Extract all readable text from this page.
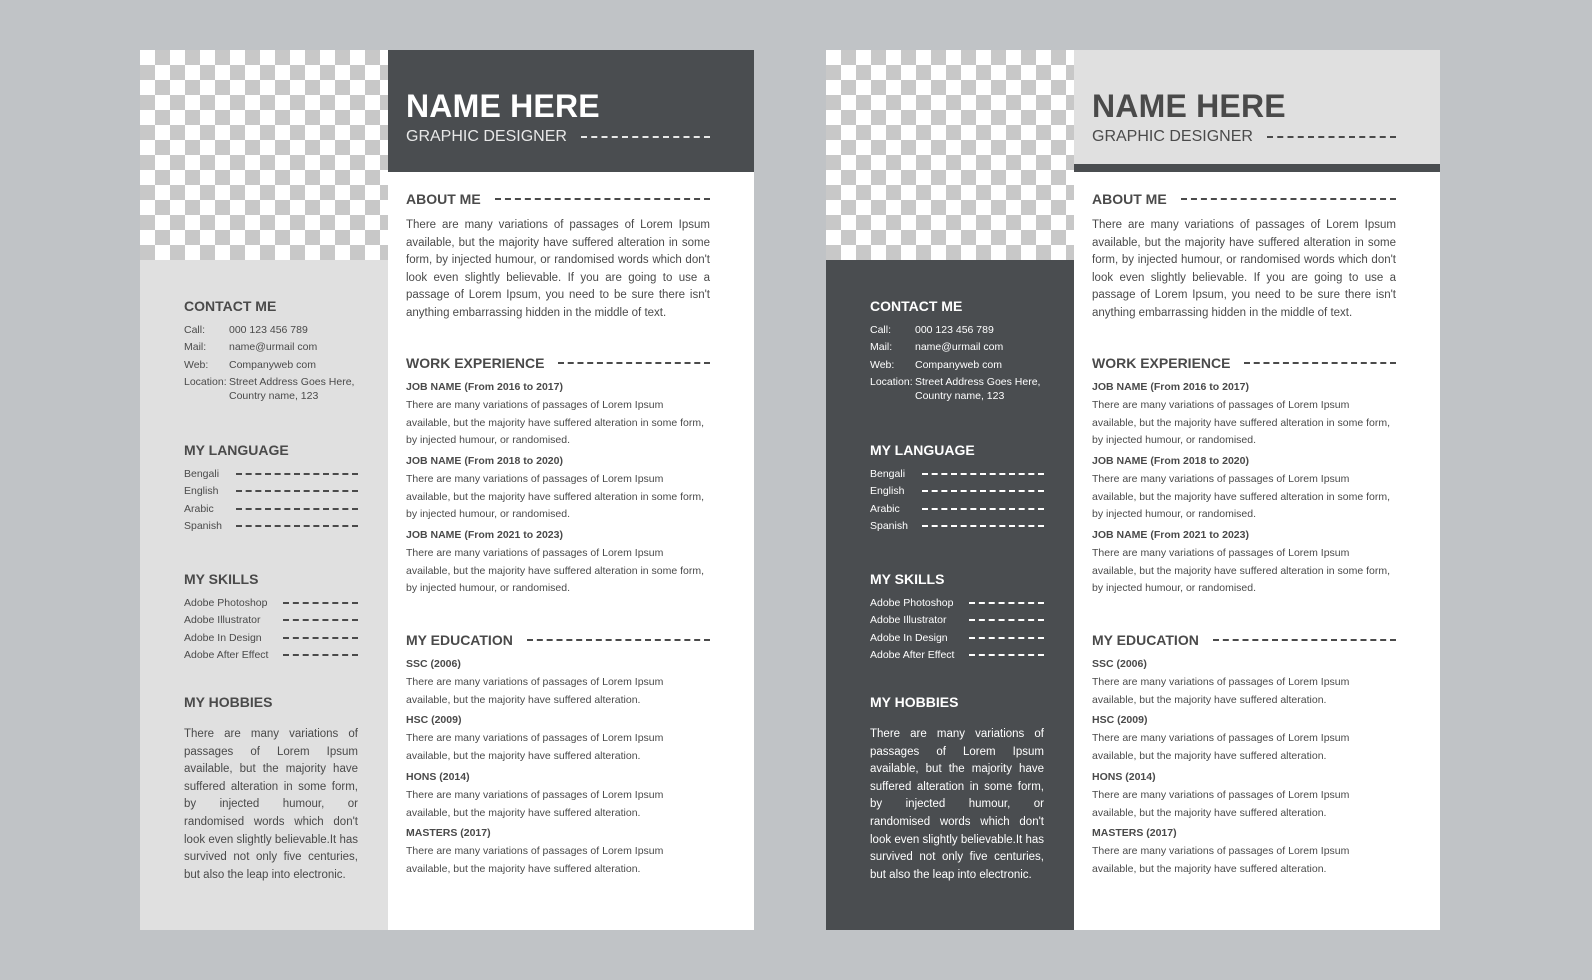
NAME HERE
GRAPHIC DESIGNER
CONTACT ME
Call:	000 123 456 789
Mail:	name@urmail com
Web:	Companyweb com
Location: Street Address Goes Here, Country name, 123
MY LANGUAGE
Bengali
English
Arabic
Spanish
MY SKILLS
Adobe Photoshop
Adobe Illustrator
Adobe In Design
Adobe After Effect
MY HOBBIES
There are many variations of passages of Lorem Ipsum available, but the majority have suffered alteration in some form, by injected humour, or randomised words which don't look even slightly believable.It has survived not only five centuries, but also the leap into electronic.
ABOUT ME
There are many variations of passages of Lorem Ipsum available, but the majority have suffered alteration in some form, by injected humour, or randomised words which don't look even slightly believable. If you are going to use a passage of Lorem Ipsum, you need to be sure there isn't anything embarrassing hidden in the middle of text.
WORK EXPERIENCE
JOB NAME (From 2016 to 2017)
There are many variations of passages of Lorem Ipsum available, but the majority have suffered alteration in some form, by injected humour, or randomised.
JOB NAME (From 2018 to 2020)
There are many variations of passages of Lorem Ipsum available, but the majority have suffered alteration in some form, by injected humour, or randomised.
JOB NAME (From 2021 to 2023)
There are many variations of passages of Lorem Ipsum available, but the majority have suffered alteration in some form, by injected humour, or randomised.
MY EDUCATION
SSC (2006)
There are many variations of passages of Lorem Ipsum available, but the majority have suffered alteration.
HSC (2009)
There are many variations of passages of Lorem Ipsum available, but the majority have suffered alteration.
HONS (2014)
There are many variations of passages of Lorem Ipsum available, but the majority have suffered alteration.
MASTERS (2017)
There are many variations of passages of Lorem Ipsum available, but the majority have suffered alteration.
NAME HERE
GRAPHIC DESIGNER
CONTACT ME
Call:	000 123 456 789
Mail:	name@urmail com
Web:	Companyweb com
Location: Street Address Goes Here, Country name, 123
MY LANGUAGE
Bengali
English
Arabic
Spanish
MY SKILLS
Adobe Photoshop
Adobe Illustrator
Adobe In Design
Adobe After Effect
MY HOBBIES
There are many variations of passages of Lorem Ipsum available, but the majority have suffered alteration in some form, by injected humour, or randomised words which don't look even slightly believable.It has survived not only five centuries, but also the leap into electronic.
ABOUT ME
There are many variations of passages of Lorem Ipsum available, but the majority have suffered alteration in some form, by injected humour, or randomised words which don't look even slightly believable. If you are going to use a passage of Lorem Ipsum, you need to be sure there isn't anything embarrassing hidden in the middle of text.
WORK EXPERIENCE
JOB NAME (From 2016 to 2017)
There are many variations of passages of Lorem Ipsum available, but the majority have suffered alteration in some form, by injected humour, or randomised.
JOB NAME (From 2018 to 2020)
There are many variations of passages of Lorem Ipsum available, but the majority have suffered alteration in some form, by injected humour, or randomised.
JOB NAME (From 2021 to 2023)
There are many variations of passages of Lorem Ipsum available, but the majority have suffered alteration in some form, by injected humour, or randomised.
MY EDUCATION
SSC (2006)
There are many variations of passages of Lorem Ipsum available, but the majority have suffered alteration.
HSC (2009)
There are many variations of passages of Lorem Ipsum available, but the majority have suffered alteration.
HONS (2014)
There are many variations of passages of Lorem Ipsum available, but the majority have suffered alteration.
MASTERS (2017)
There are many variations of passages of Lorem Ipsum available, but the majority have suffered alteration.
